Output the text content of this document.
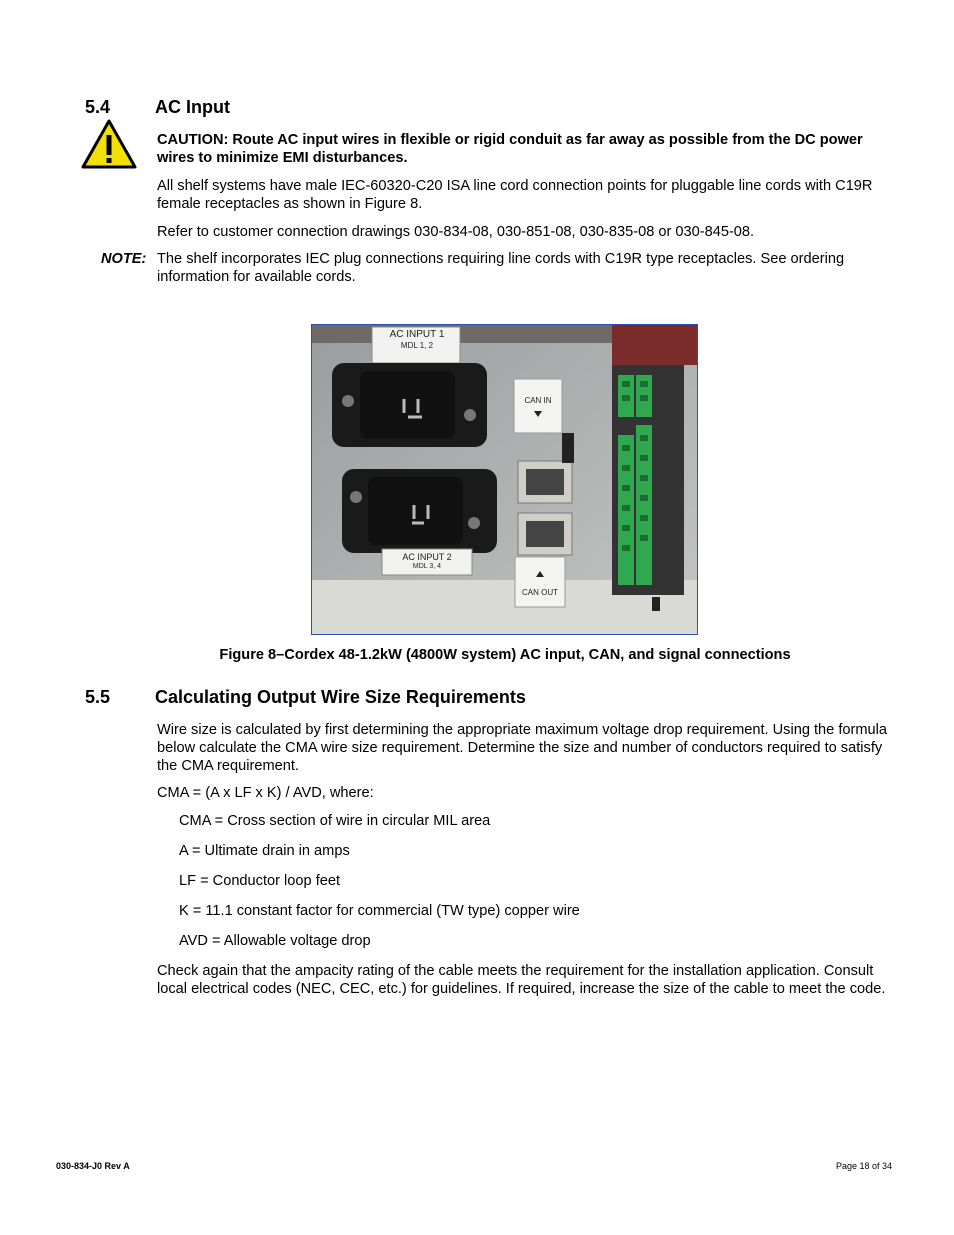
5.4 AC Input
CAUTION: Route AC input wires in flexible or rigid conduit as far away as possible from the DC power wires to minimize EMI disturbances.
All shelf systems have male IEC-60320-C20 ISA line cord connection points for pluggable line cords with C19R female receptacles as shown in Figure 8.
Refer to customer connection drawings 030-834-08, 030-851-08, 030-835-08 or 030-845-08.
NOTE: The shelf incorporates IEC plug connections requiring line cords with C19R type receptacles. See ordering information for available cords.
AC INPUT 1
MDL 1, 2
AC INPUT 2
MDL 3, 4
CAN IN
CAN OUT
Figure 8–Cordex 48-1.2kW (4800W system) AC input, CAN, and signal connections
5.5 Calculating Output Wire Size Requirements
Wire size is calculated by first determining the appropriate maximum voltage drop requirement. Using the formula below calculate the CMA wire size requirement. Determine the size and number of conductors required to satisfy the CMA requirement.
CMA = (A x LF x K) / AVD, where:
CMA = Cross section of wire in circular MIL area
A = Ultimate drain in amps
LF = Conductor loop feet
K = 11.1 constant factor for commercial (TW type) copper wire
AVD = Allowable voltage drop
Check again that the ampacity rating of the cable meets the requirement for the installation application. Consult local electrical codes (NEC, CEC, etc.) for guidelines. If required, increase the size of the cable to meet the code.
030-834-J0 Rev A	Page 18 of 34
